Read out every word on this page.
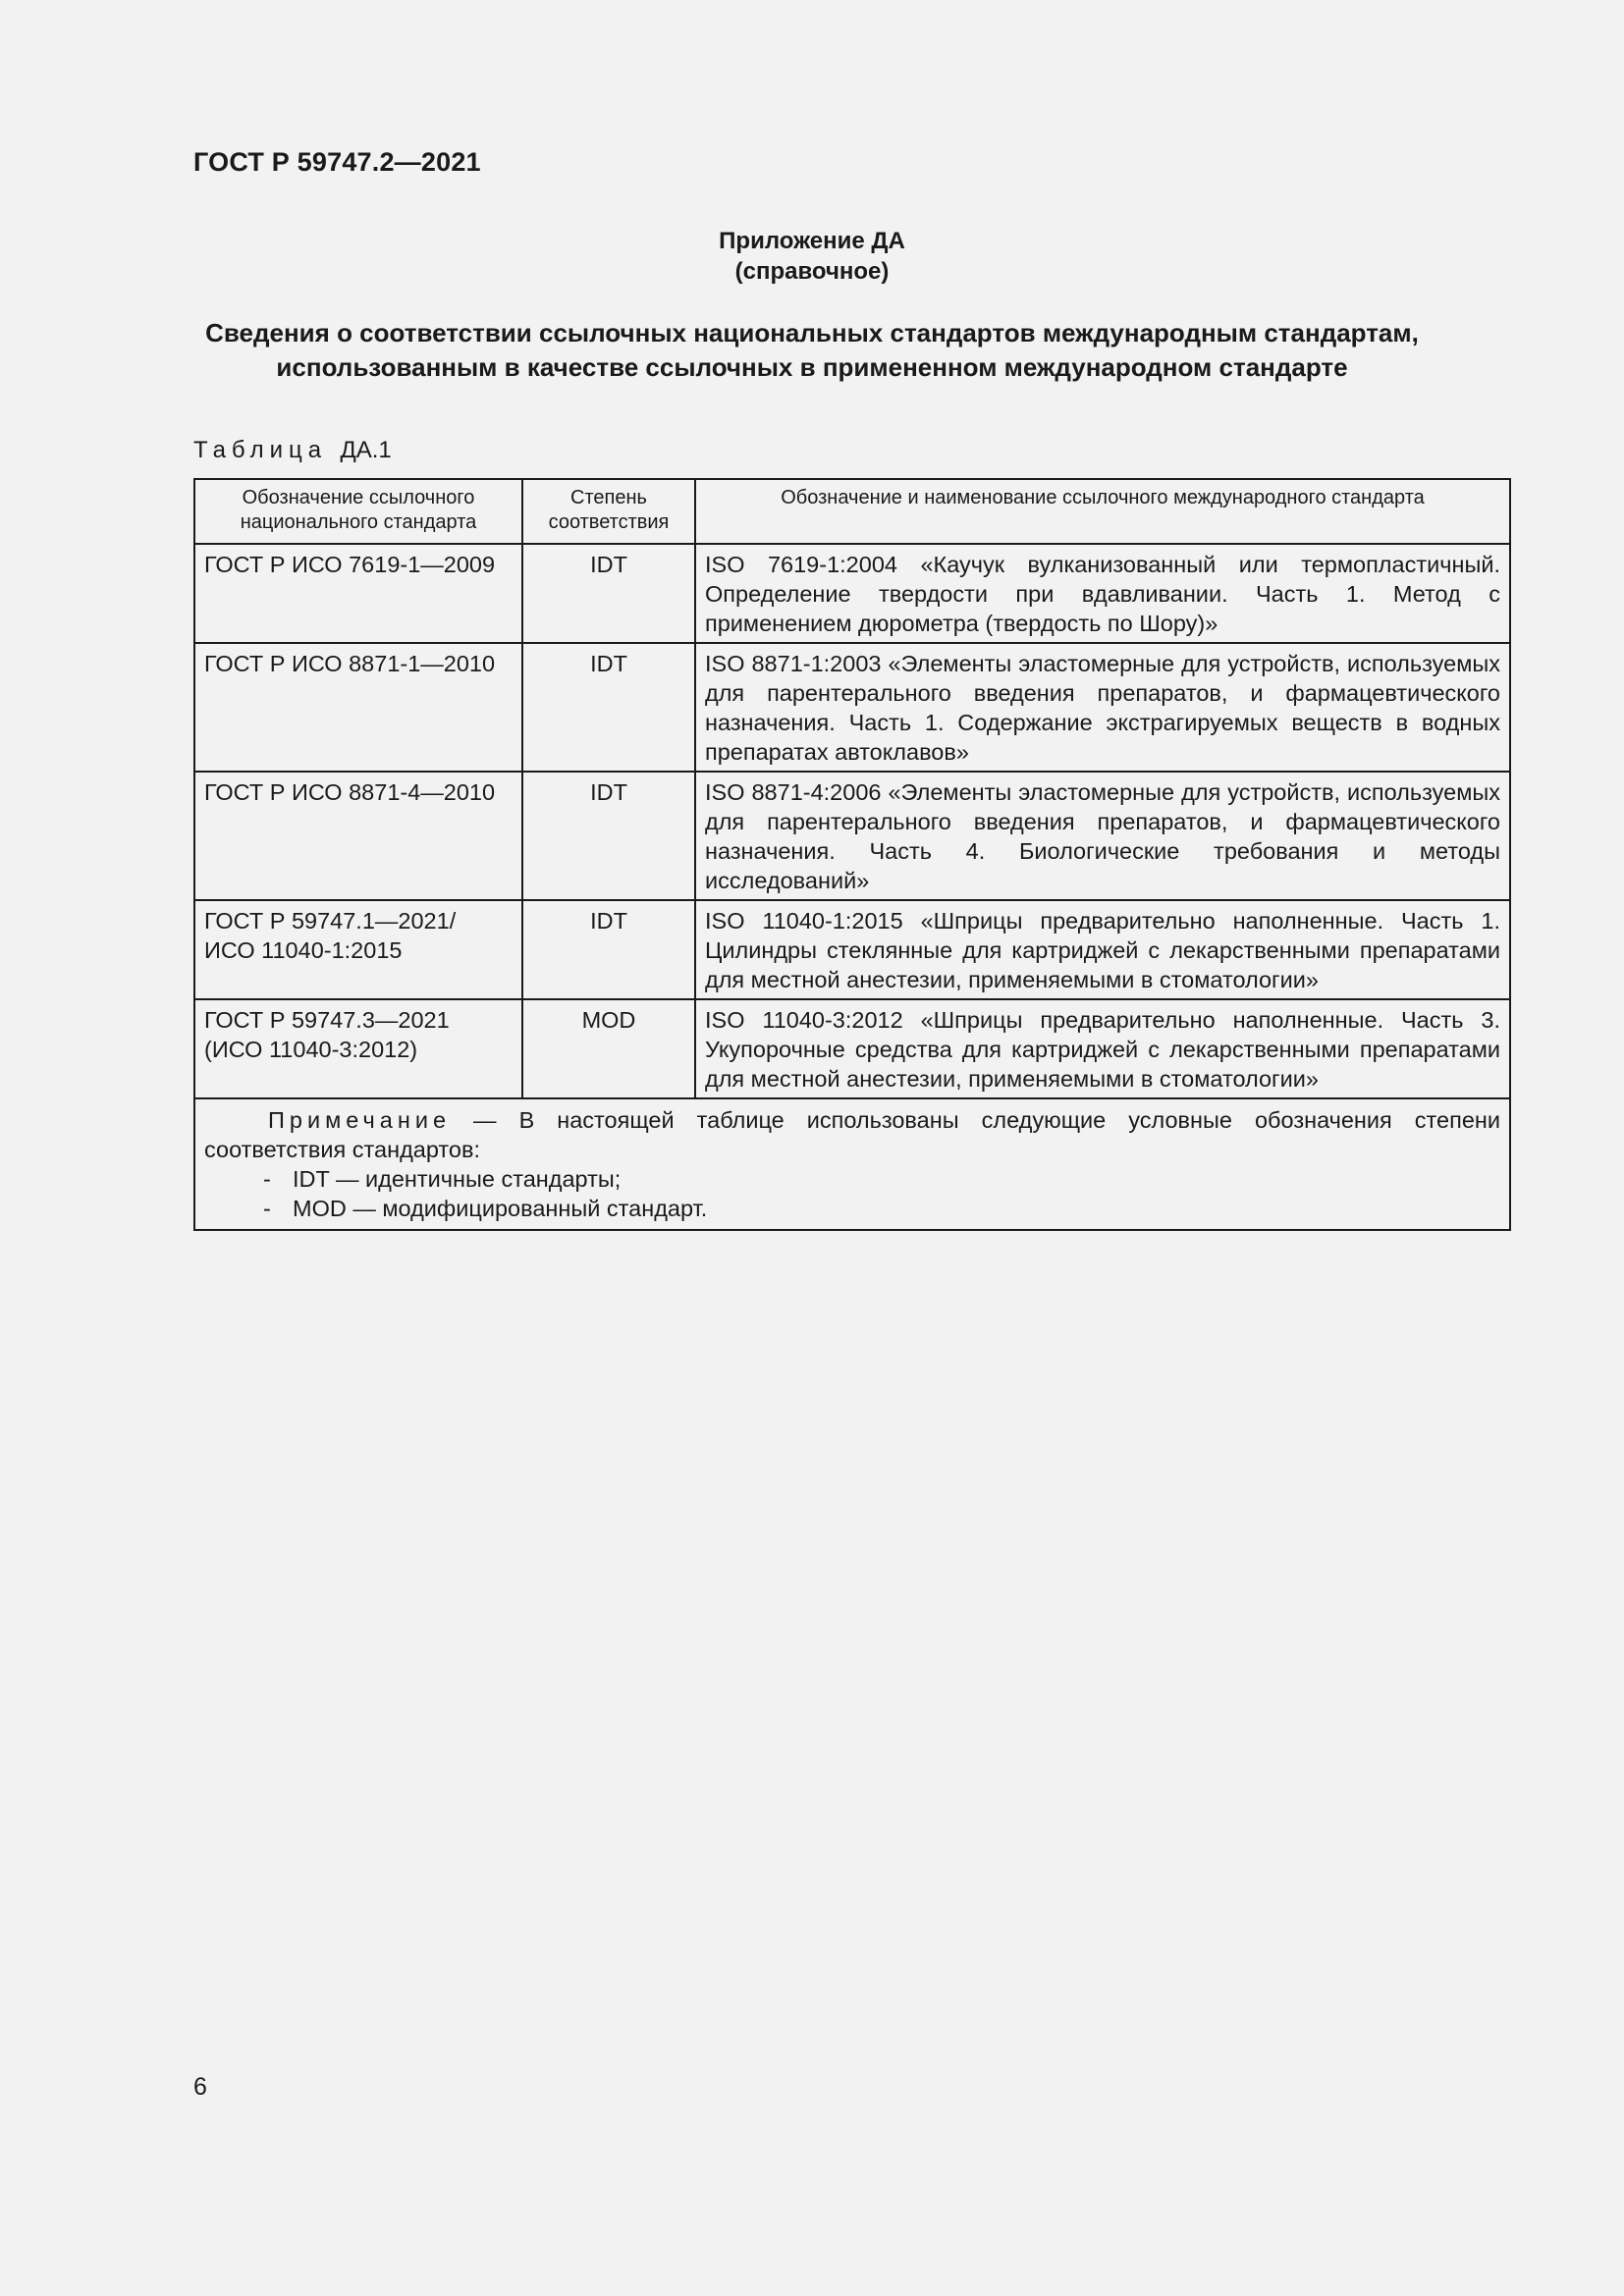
ГОСТ Р 59747.2—2021
Приложение ДА
(справочное)
Сведения о соответствии ссылочных национальных стандартов международным стандартам,
использованным в качестве ссылочных в примененном международном стандарте
Таблица ДА.1
Обозначение ссылочного национального стандарта	Степень соответствия	Обозначение и наименование ссылочного международного стандарта
ГОСТ Р ИСО 7619-1—2009	IDT	ISO 7619-1:2004 «Каучук вулканизованный или термопластичный. Определение твердости при вдавливании. Часть 1. Метод с применением дюрометра (твердость по Шору)»
ГОСТ Р ИСО 8871-1—2010	IDT	ISO 8871-1:2003 «Элементы эластомерные для устройств, используемых для парентерального введения препаратов, и фармацевтического назначения. Часть 1. Содержание экстрагируемых веществ в водных препаратах автоклавов»
ГОСТ Р ИСО 8871-4—2010	IDT	ISO 8871-4:2006 «Элементы эластомерные для устройств, используемых для парентерального введения препаратов, и фармацевтического назначения. Часть 4. Биологические требования и методы исследований»
ГОСТ Р 59747.1—2021/ ИСО 11040-1:2015	IDT	ISO 11040-1:2015 «Шприцы предварительно наполненные. Часть 1. Цилиндры стеклянные для картриджей с лекарственными препаратами для местной анестезии, применяемыми в стоматологии»
ГОСТ Р 59747.3—2021 (ИСО 11040-3:2012)	MOD	ISO 11040-3:2012 «Шприцы предварительно наполненные. Часть 3. Укупорочные средства для картриджей с лекарственными препаратами для местной анестезии, применяемыми в стоматологии»

Примечание — В настоящей таблице использованы следующие условные обозначения степени соответствия стандартов:
- IDT — идентичные стандарты;
- MOD — модифицированный стандарт.		
6
